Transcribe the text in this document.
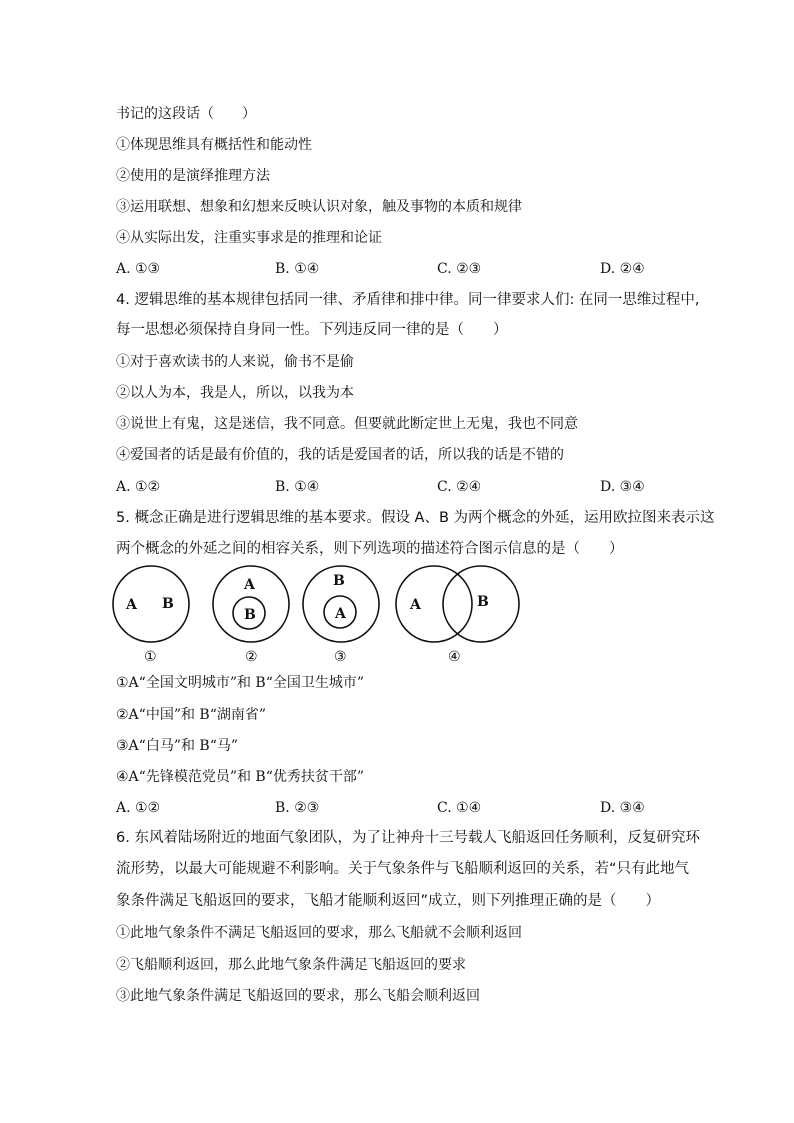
书记的这段话（　　）
①体现思维具有概括性和能动性
②使用的是演绎推理方法
③运用联想、想象和幻想来反映认识对象，触及事物的本质和规律
④从实际出发，注重实事求是的推理和论证
A. ①③	B. ①④	C. ②③	D. ②④
4. 逻辑思维的基本规律包括同一律、矛盾律和排中律。同一律要求人们: 在同一思维过程中,
每一思想必须保持自身同一性。下列违反同一律的是（　　）
①对于喜欢读书的人来说，偷书不是偷
②以人为本，我是人，所以，以我为本
③说世上有鬼，这是迷信，我不同意。但要就此断定世上无鬼，我也不同意
④爱国者的话是最有价值的，我的话是爱国者的话，所以我的话是不错的
A. ①②	B. ①④	C. ②④	D. ③④
5. 概念正确是进行逻辑思维的基本要求。假设 A、B 为两个概念的外延，运用欧拉图来表示这
两个概念的外延之间的相容关系，则下列选项的描述符合图示信息的是（　　）
A B
①
A
B
②
B
A
③
A	B
④
①A“全国文明城市”和 B“全国卫生城市”
②A“中国”和 B“湖南省”
③A“白马”和 B“马”
④A“先锋模范党员”和 B“优秀扶贫干部”
A. ①②	B. ②③	C. ①④	D. ③④
6. 东风着陆场附近的地面气象团队，为了让神舟十三号载人飞船返回任务顺利，反复研究环
流形势，以最大可能规避不利影响。关于气象条件与飞船顺利返回的关系，若“只有此地气
象条件满足飞船返回的要求，飞船才能顺利返回”成立，则下列推理正确的是（　　）
①此地气象条件不满足飞船返回的要求，那么飞船就不会顺利返回
②飞船顺利返回，那么此地气象条件满足飞船返回的要求
③此地气象条件满足飞船返回的要求，那么飞船会顺利返回
